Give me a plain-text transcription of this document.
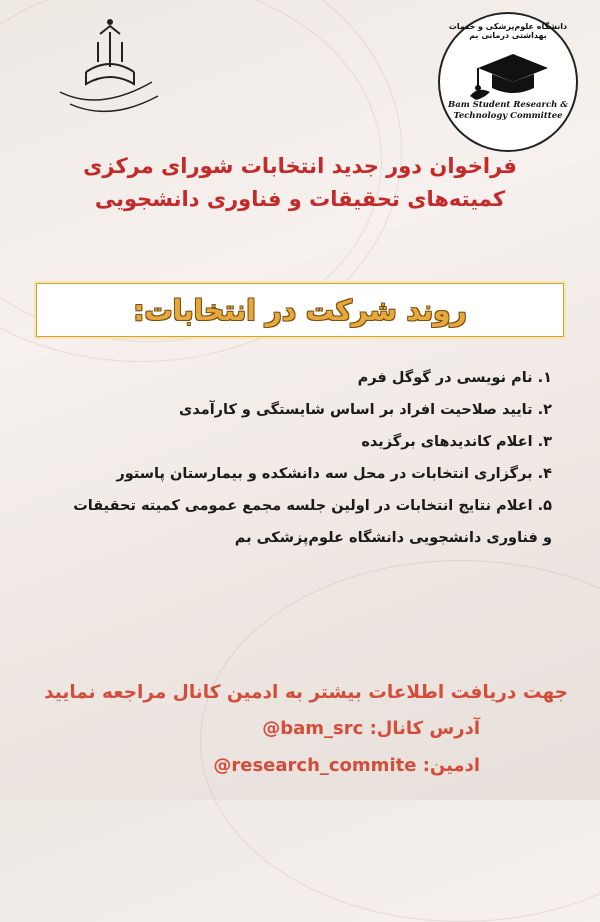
دانشگاه علوم‌پزشکی و خدمات بهداشتی درمانی بم
Bam Student Research &
Technology Committee
فراخوان دور جدید انتخابات شورای مرکزی
کمیته‌های تحقیقات و فناوری دانشجویی
روند شرکت در انتخابات:
۱. نام نویسی در گوگل فرم
۲. تایید صلاحیت افراد بر اساس شایستگی و کارآمدی
۳. اعلام کاندیدهای برگزیده
۴. برگزاری انتخابات در محل سه دانشکده و بیمارستان پاستور
۵. اعلام نتایج انتخابات در اولین جلسه مجمع عمومی کمیته تحقیقات
و فناوری دانشجویی دانشگاه علوم‌پزشکی بم
جهت دریافت اطلاعات بیشتر به ادمین کانال مراجعه نمایید
آدرس کانال: @bam_src
ادمین: @research_commite
